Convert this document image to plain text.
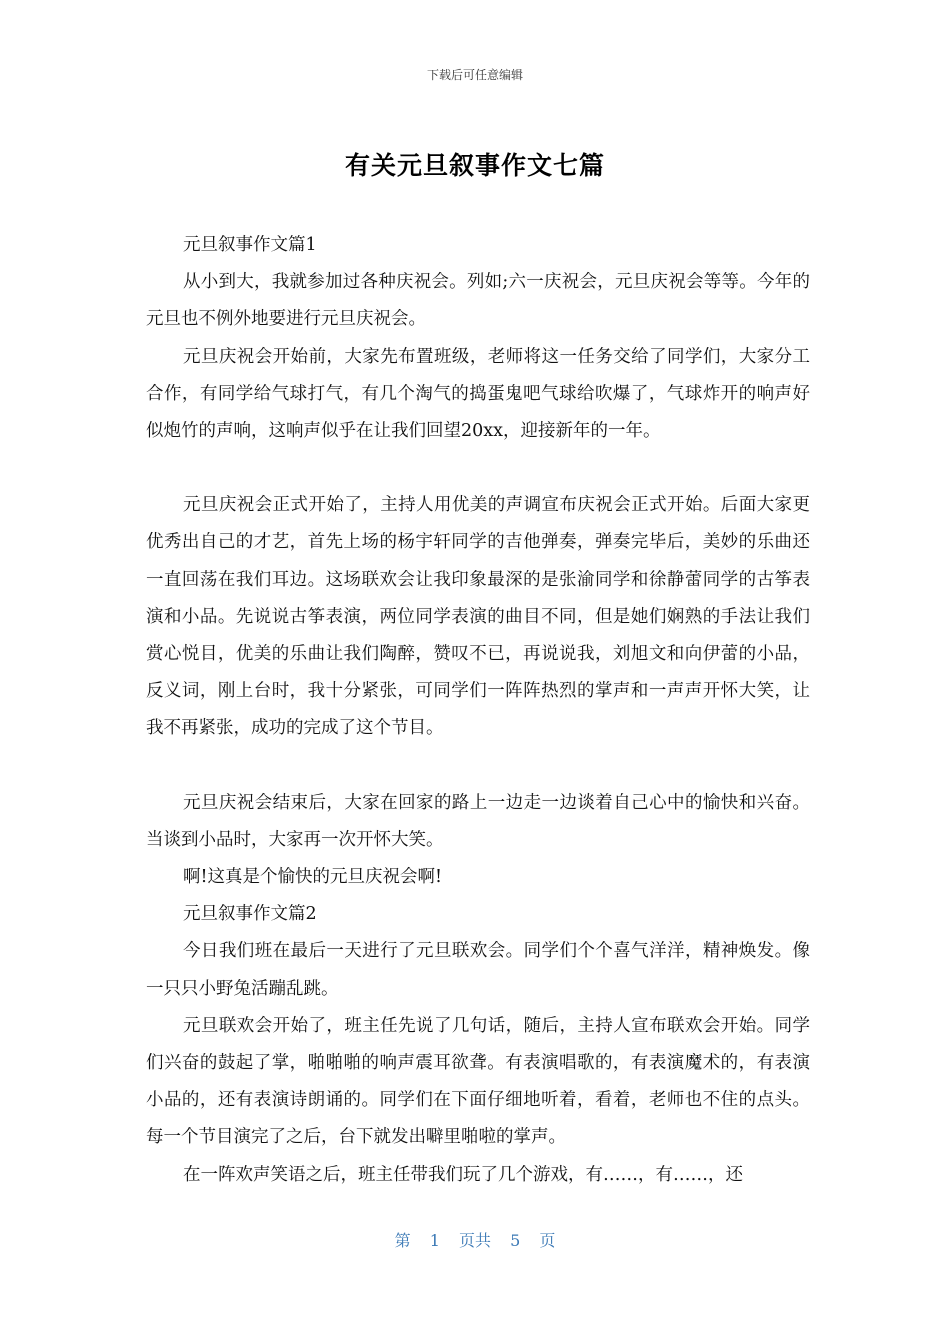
下载后可任意编辑
有关元旦叙事作文七篇

元旦叙事作文篇1

从小到大，我就参加过各种庆祝会。列如;六一庆祝会，元旦庆祝会等等。今年的元旦也不例外地要进行元旦庆祝会。

元旦庆祝会开始前，大家先布置班级，老师将这一任务交给了同学们，大家分工合作，有同学给气球打气，有几个淘气的捣蛋鬼吧气球给吹爆了，气球炸开的响声好似炮竹的声响，这响声似乎在让我们回望20xx，迎接新年的一年。

元旦庆祝会正式开始了，主持人用优美的声调宣布庆祝会正式开始。后面大家更优秀出自己的才艺，首先上场的杨宇轩同学的吉他弹奏，弹奏完毕后，美妙的乐曲还一直回荡在我们耳边。这场联欢会让我印象最深的是张渝同学和徐静蕾同学的古筝表演和小品。先说说古筝表演，两位同学表演的曲目不同，但是她们娴熟的手法让我们赏心悦目，优美的乐曲让我们陶醉，赞叹不已，再说说我，刘旭文和向伊蕾的小品，反义词，刚上台时，我十分紧张，可同学们一阵阵热烈的掌声和一声声开怀大笑，让我不再紧张，成功的完成了这个节目。

元旦庆祝会结束后，大家在回家的路上一边走一边谈着自己心中的愉快和兴奋。当谈到小品时，大家再一次开怀大笑。

啊!这真是个愉快的元旦庆祝会啊!

元旦叙事作文篇2

今日我们班在最后一天进行了元旦联欢会。同学们个个喜气洋洋，精神焕发。像一只只小野兔活蹦乱跳。

元旦联欢会开始了，班主任先说了几句话，随后，主持人宣布联欢会开始。同学们兴奋的鼓起了掌，啪啪啪的响声震耳欲聋。有表演唱歌的，有表演魔术的，有表演小品的，还有表演诗朗诵的。同学们在下面仔细地听着，看着，老师也不住的点头。每一个节目演完了之后，台下就发出噼里啪啦的掌声。

在一阵欢声笑语之后，班主任带我们玩了几个游戏，有……，有……，还

第 1 页共 5 页
